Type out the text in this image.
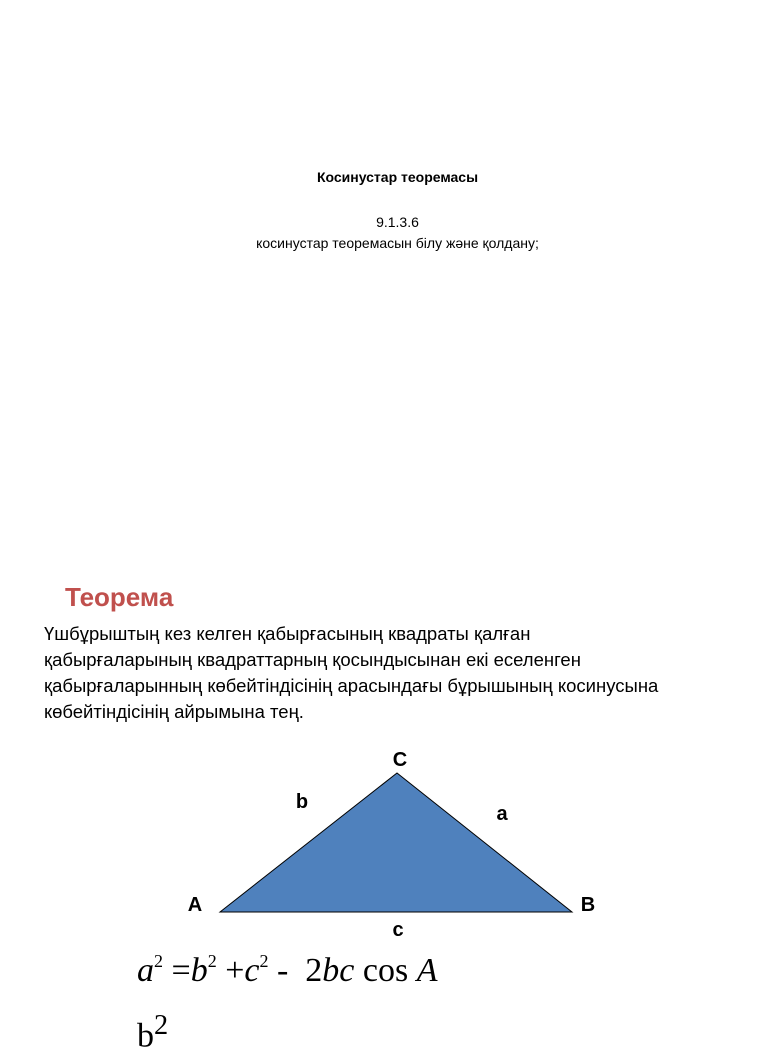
Косинустар теоремасы
9.1.3.6
косинустар теоремасын білу және қолдану;
Теорема
Үшбұрыштың кез келген қабырғасының квадраты қалған
қабырғаларының квадраттарның қосындысынан екі еселенген
қабырғаларынның көбейтіндісінің арасындағы бұрышының косинусына
көбейтіндісінің айрымына тең.
C
A	B
b
a
c
$a^2 =b^2 +c^2 - 2bc$ cos A
$b^2$
